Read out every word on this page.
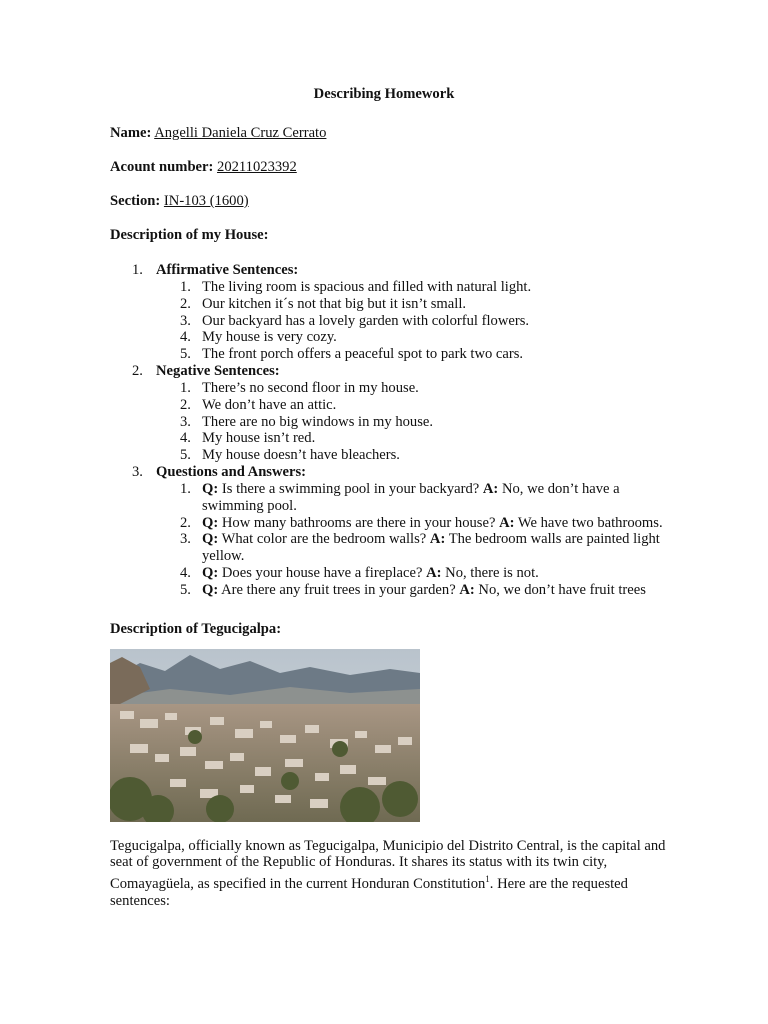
Describing Homework
Name: Angelli Daniela Cruz Cerrato
Acount number: 20211023392
Section: IN-103 (1600)
Description of my House:
1. Affirmative Sentences:
1. The living room is spacious and filled with natural light.
2. Our kitchen it´s not that big but it isn’t small.
3. Our backyard has a lovely garden with colorful flowers.
4. My house is very cozy.
5. The front porch offers a peaceful spot to park two cars.
2. Negative Sentences:
1. There’s no second floor in my house.
2. We don’t have an attic.
3. There are no big windows in my house.
4. My house isn’t red.
5. My house doesn’t have bleachers.
3. Questions and Answers:
1. Q: Is there a swimming pool in your backyard? A: No, we don’t have a swimming pool.
2. Q: How many bathrooms are there in your house? A: We have two bathrooms.
3. Q: What color are the bedroom walls? A: The bedroom walls are painted light yellow.
4. Q: Does your house have a fireplace? A: No, there is not.
5. Q: Are there any fruit trees in your garden? A: No, we don’t have fruit trees
Description of Tegucigalpa:

Tegucigalpa, officially known as Tegucigalpa, Municipio del Distrito Central, is the capital and seat of government of the Republic of Honduras. It shares its status with its twin city, Comayagüela, as specified in the current Honduran Constitution$^1$. Here are the requested sentences:
